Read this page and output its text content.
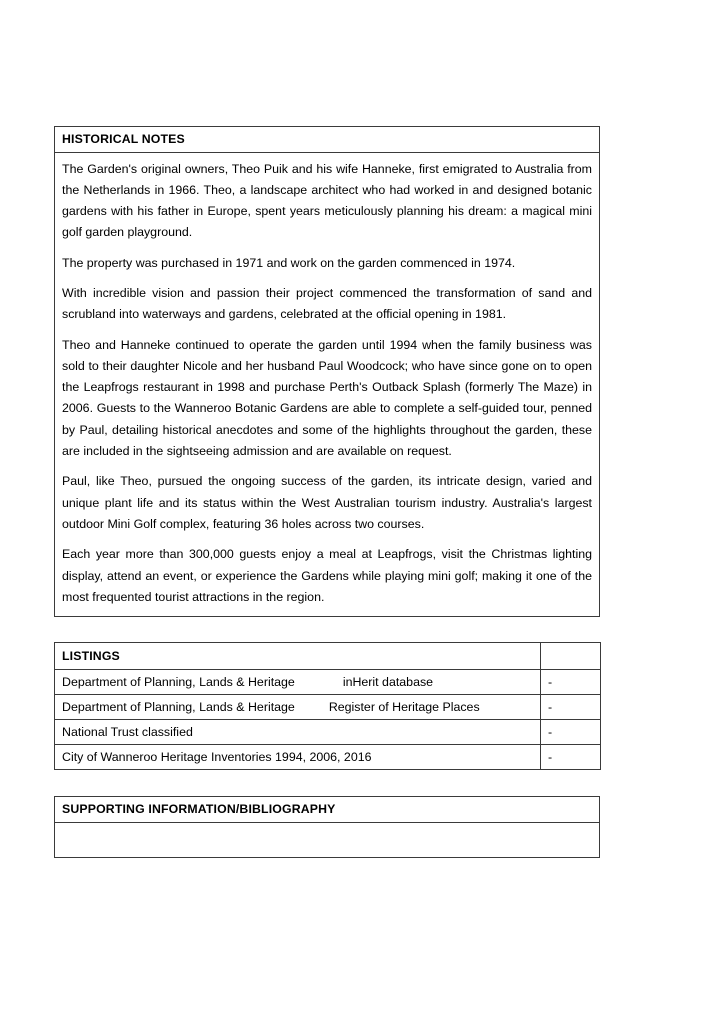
HISTORICAL NOTES

The Garden's original owners, Theo Puik and his wife Hanneke, first emigrated to Australia from the Netherlands in 1966. Theo, a landscape architect who had worked in and designed botanic gardens with his father in Europe, spent years meticulously planning his dream: a magical mini golf garden playground.

The property was purchased in 1971 and work on the garden commenced in 1974.

With incredible vision and passion their project commenced the transformation of sand and scrubland into waterways and gardens, celebrated at the official opening in 1981.

Theo and Hanneke continued to operate the garden until 1994 when the family business was sold to their daughter Nicole and her husband Paul Woodcock; who have since gone on to open the Leapfrogs restaurant in 1998 and purchase Perth's Outback Splash (formerly The Maze) in 2006. Guests to the Wanneroo Botanic Gardens are able to complete a self-guided tour, penned by Paul, detailing historical anecdotes and some of the highlights throughout the garden, these are included in the sightseeing admission and are available on request.

Paul, like Theo, pursued the ongoing success of the garden, its intricate design, varied and unique plant life and its status within the West Australian tourism industry. Australia's largest outdoor Mini Golf complex, featuring 36 holes across two courses.

Each year more than 300,000 guests enjoy a meal at Leapfrogs, visit the Christmas lighting display, attend an event, or experience the Gardens while playing mini golf; making it one of the most frequented tourist attractions in the region.

LISTINGS	

Department of Planning, Lands & Heritage inHerit database	-

Department of Planning, Lands & Heritage Register of Heritage Places	-
National Trust classified	-
City of Wanneroo Heritage Inventories 1994, 2006, 2016	-
SUPPORTING INFORMATION/BIBLIOGRAPHY
